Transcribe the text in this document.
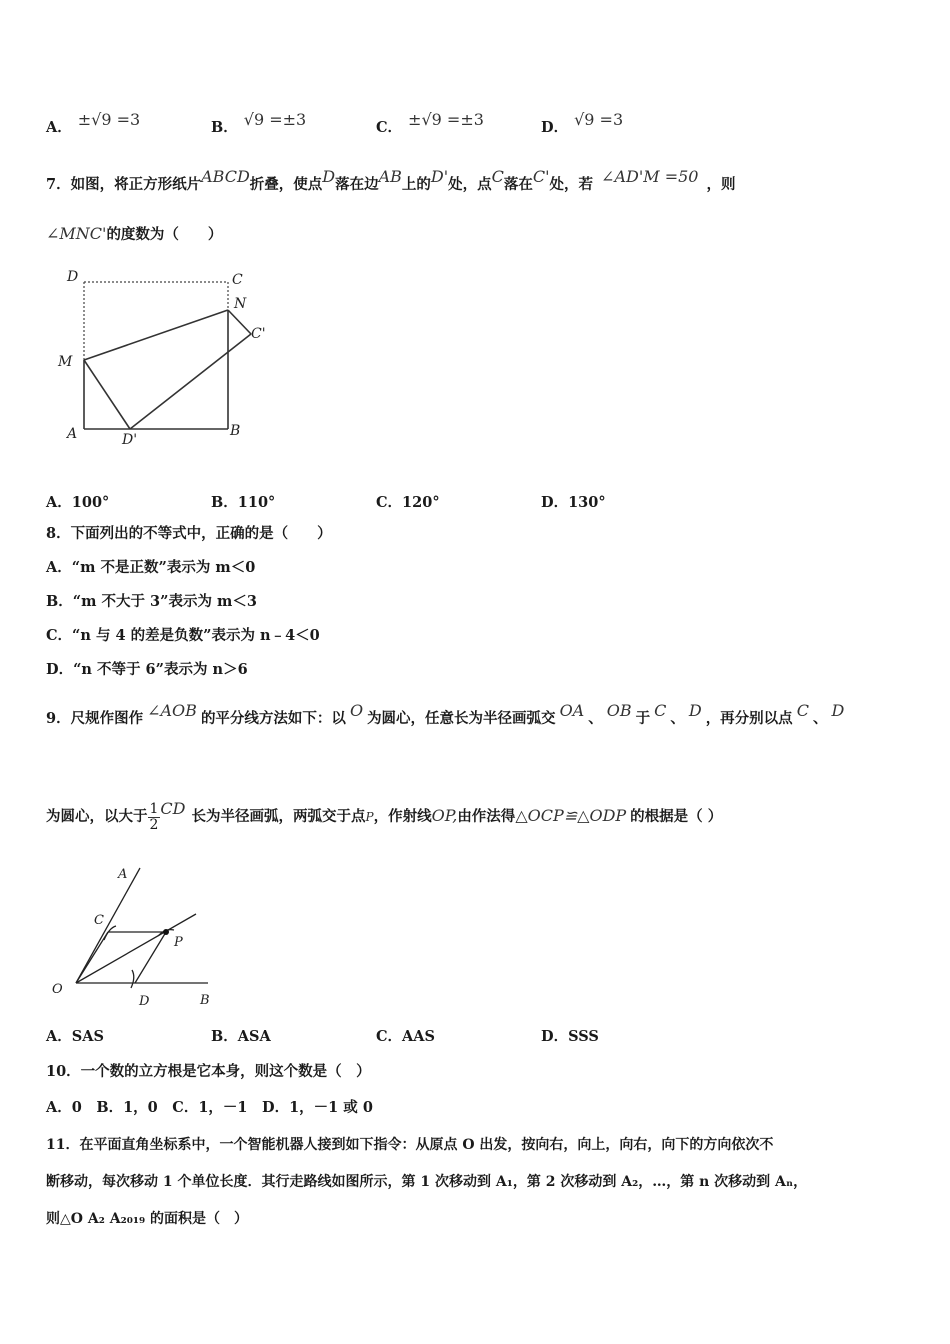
A． ±√9 =3	B． √9 =±3	C． ±√9 =±3	D． √9 =3
7．如图，将正方形纸片ABCD折叠，使点D落在边AB上的D'处，点C落在C'处，若 ∠AD'M =50 ，则
∠MNC'的度数为（　　）
D	C
N
C'
M
A	D'
B
A．100°	B．110°	C．120°	D．130°
8．下面列出的不等式中，正确的是（　　）
A．“m 不是正数”表示为 m＜0
B．“m 不大于 3”表示为 m＜3
C．“n 与 4 的差是负数”表示为 n﹣4＜0
D．“n 不等于 6”表示为 n＞6
9．尺规作图作 ∠AOB 的平分线方法如下：以 O 为圆心，任意长为半径画弧交 OA 、 OB 于 C 、 D ，再分别以点 C 、 D
为圆心，以大于 $\frac{1}{2}$ CD 长为半径画弧，两弧交于点P，作射线OP,由作法得△OCP≌△ODP 的根据是（ ）
A
C
P
O
D	B
A．SAS	B．ASA	C．AAS	D．SSS
10．一个数的立方根是它本身，则这个数是（　）
A．0　B．1，0　C．1，－1　D．1，－1 或 0
11．在平面直角坐标系中，一个智能机器人接到如下指令：从原点 O 出发，按向右，向上，向右，向下的方向依次不
断移动，每次移动 1 个单位长度．其行走路线如图所示，第 1 次移动到 A₁，第 2 次移动到 A₂，…，第 n 次移动到 Aₙ，
则△O A₂ A₂₀₁₉ 的面积是（　）
